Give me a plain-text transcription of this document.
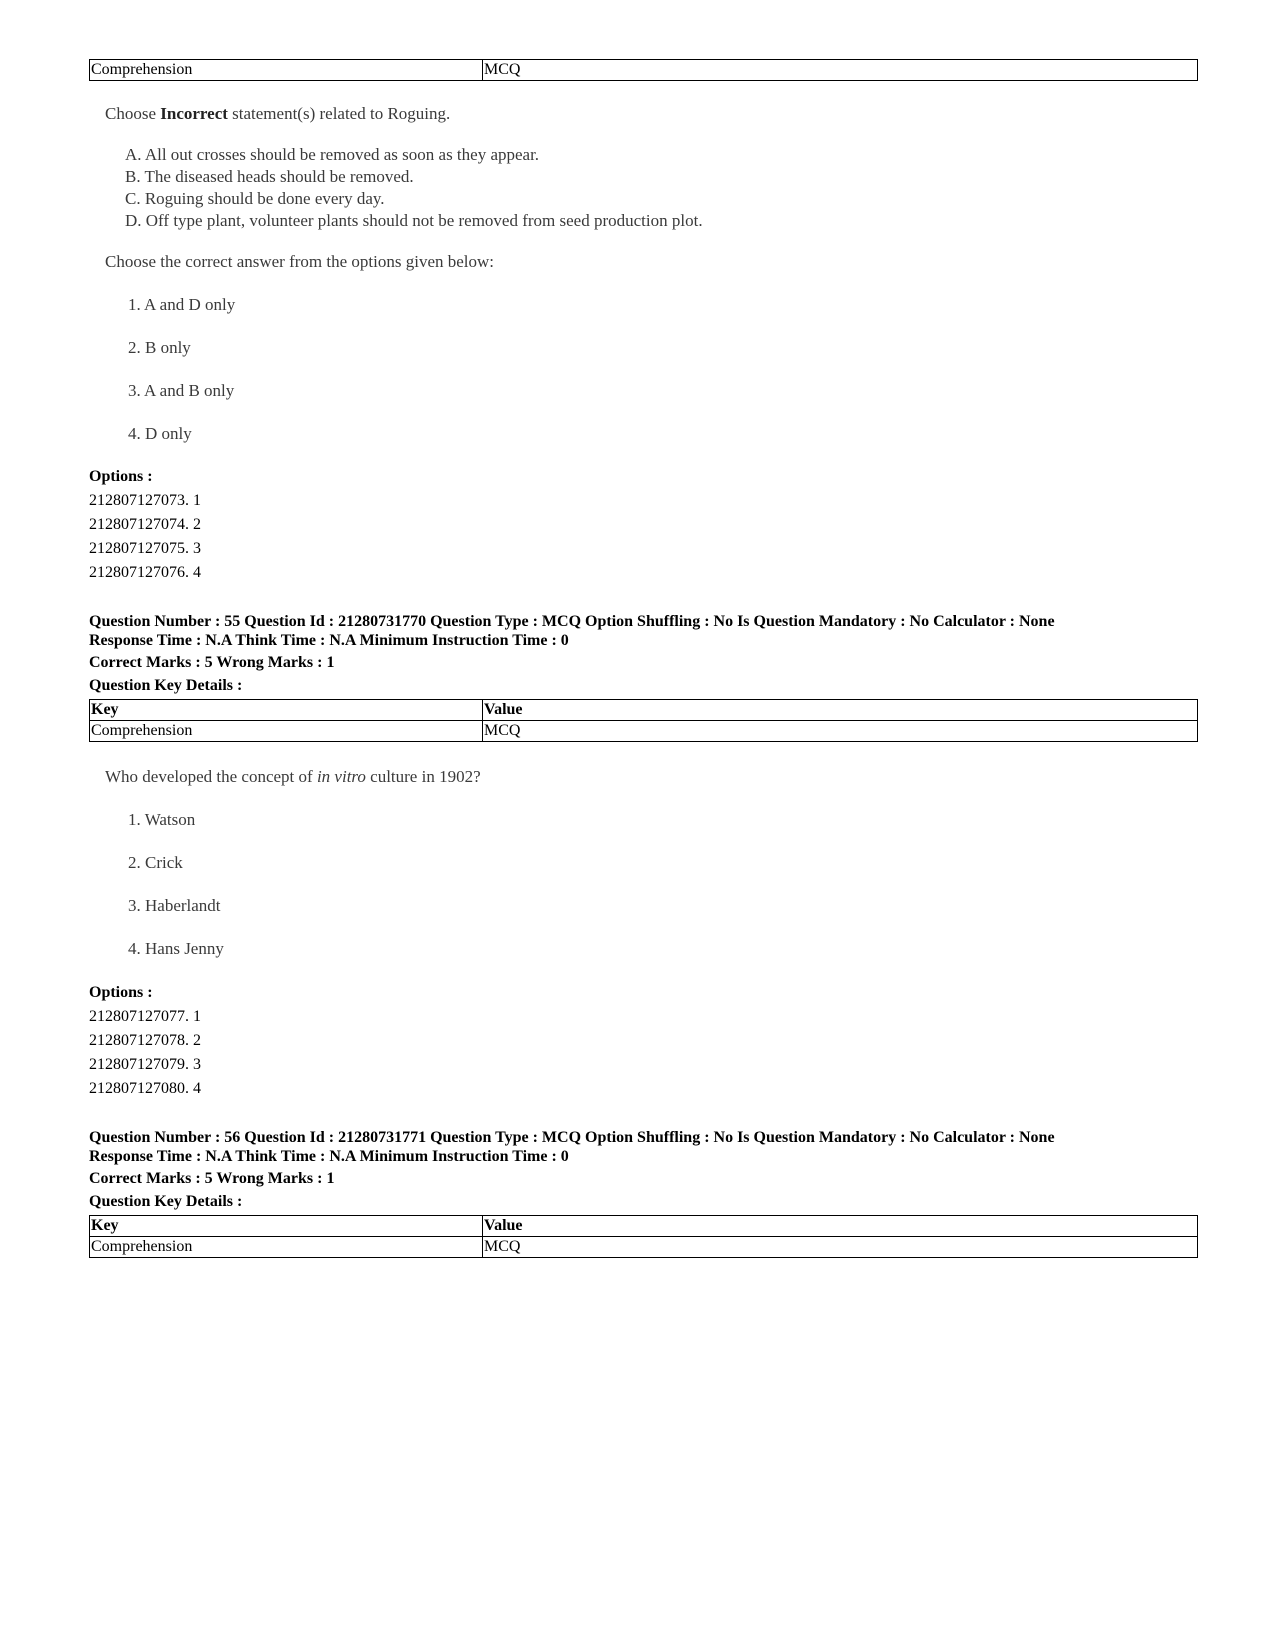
Comprehension	MCQ
Choose Incorrect statement(s) related to Roguing.
A. All out crosses should be removed as soon as they appear.
B. The diseased heads should be removed.
C. Roguing should be done every day.
D. Off type plant, volunteer plants should not be removed from seed production plot.
Choose the correct answer from the options given below:
1. A and D only
2. B only
3. A and B only
4. D only
Options :
212807127073. 1
212807127074. 2
212807127075. 3
212807127076. 4
Question Number : 55 Question Id : 21280731770 Question Type : MCQ Option Shuffling : No Is Question Mandatory : No Calculator : None
Response Time : N.A Think Time : N.A Minimum Instruction Time : 0
Correct Marks : 5 Wrong Marks : 1
Question Key Details :
Key	Value
Comprehension	MCQ
Who developed the concept of in vitro culture in 1902?
1. Watson
2. Crick
3. Haberlandt
4. Hans Jenny
Options :
212807127077. 1
212807127078. 2
212807127079. 3
212807127080. 4
Question Number : 56 Question Id : 21280731771 Question Type : MCQ Option Shuffling : No Is Question Mandatory : No Calculator : None
Response Time : N.A Think Time : N.A Minimum Instruction Time : 0
Correct Marks : 5 Wrong Marks : 1
Question Key Details :
Key	Value
Comprehension	MCQ
